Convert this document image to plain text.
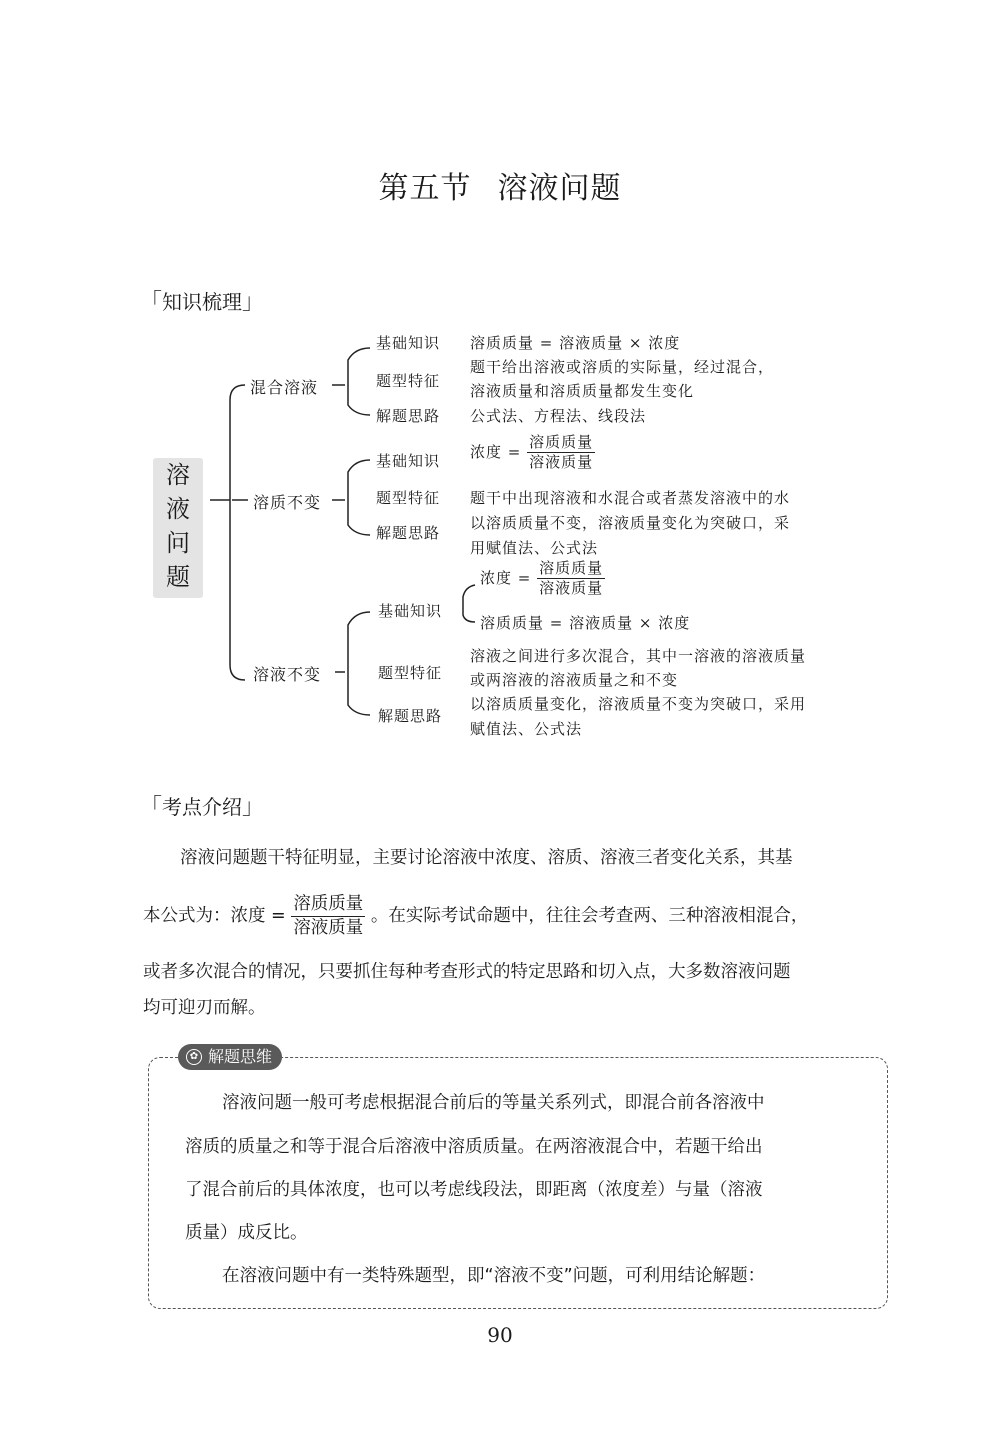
第五节 溶液问题
「知识梳理」
溶
液
问
题
混合溶液
溶质不变
溶液不变
基础知识 溶质质量 = 溶液质量 × 浓度
题型特征
题干给出溶液或溶质的实际量，经过混合，
溶液质量和溶质质量都发生变化
解题思路 公式法、方程法、线段法
基础知识
浓度 = $\frac{\text{溶质质量}}{\text{溶液质量}}$
题型特征 题干中出现溶液和水混合或者蒸发溶液中的水
解题思路
以溶质质量不变，溶液质量变化为突破口，采
用赋值法、公式法
基础知识
浓度 = $\frac{\text{溶质质量}}{\text{溶液质量}}$
溶质质量 = 溶液质量 × 浓度
题型特征
溶液之间进行多次混合，其中一溶液的溶液质量
或两溶液的溶液质量之和不变
解题思路
以溶质质量变化，溶液质量不变为突破口，采用
赋值法、公式法
「考点介绍」
溶液问题题干特征明显，主要讨论溶液中浓度、溶质、溶液三者变化关系，其基
本公式为：浓度 = $\frac{\text{溶质质量}}{\text{溶液质量}}$ 。在实际考试命题中，往往会考查两、三种溶液相混合，
或者多次混合的情况，只要抓住每种考查形式的特定思路和切入点，大多数溶液问题
均可迎刃而解。
✿ 解题思维
溶液问题一般可考虑根据混合前后的等量关系列式，即混合前各溶液中
溶质的质量之和等于混合后溶液中溶质质量。在两溶液混合中，若题干给出
了混合前后的具体浓度，也可以考虑线段法，即距离（浓度差）与量（溶液
质量）成反比。
在溶液问题中有一类特殊题型，即“溶液不变”问题，可利用结论解题：
90
